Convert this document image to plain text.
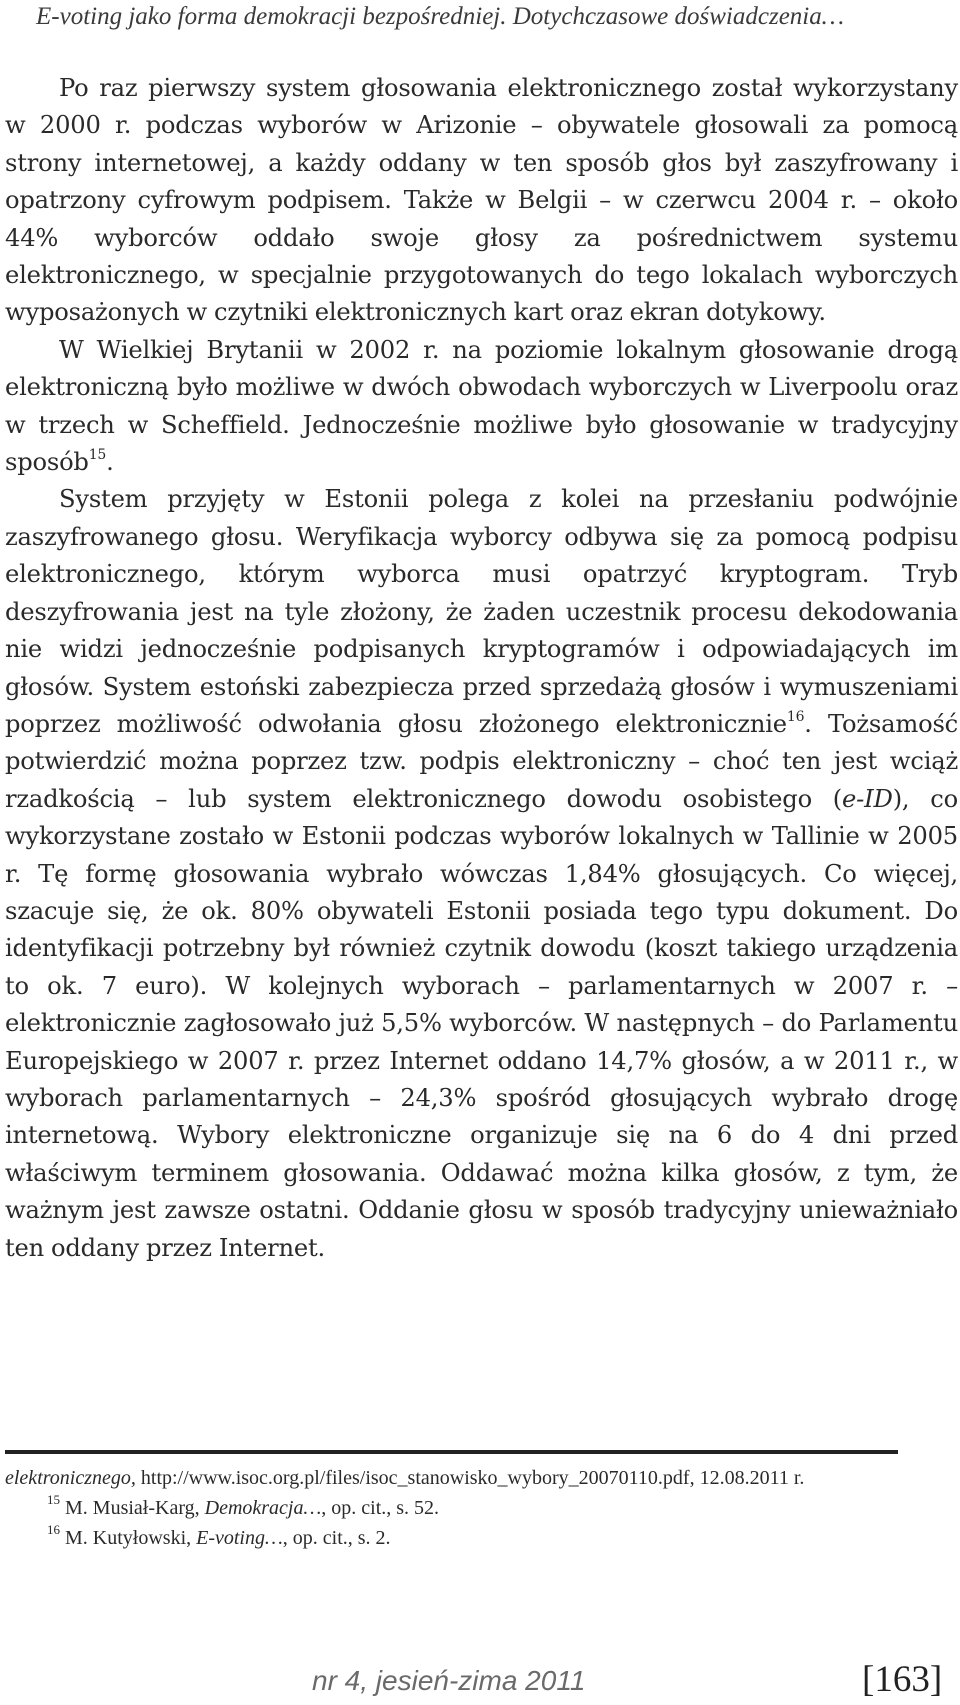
E-voting jako forma demokracji bezpośredniej. Dotychczasowe doświadczenia…

Po raz pierwszy system głosowania elektronicznego został wykorzystany w 2000 r. podczas wyborów w Arizonie – obywatele głosowali za pomocą strony internetowej, a każdy oddany w ten sposób głos był zaszyfrowany i opatrzony cyfrowym podpisem. Także w Belgii – w czerwcu 2004 r. – około 44% wyborców oddało swoje głosy za pośrednictwem systemu elektronicznego, w specjalnie przygotowanych do tego lokalach wyborczych wyposażonych w czytniki elektronicznych kart oraz ekran dotykowy.

W Wielkiej Brytanii w 2002 r. na poziomie lokalnym głosowanie drogą elektroniczną było możliwe w dwóch obwodach wyborczych w Liverpoolu oraz w trzech w Scheffield. Jednocześnie możliwe było głosowanie w tradycyjny sposób$^{15}$.

System przyjęty w Estonii polega z kolei na przesłaniu podwójnie zaszyfrowanego głosu. Weryfikacja wyborcy odbywa się za pomocą podpisu elektronicznego, którym wyborca musi opatrzyć kryptogram. Tryb deszyfrowania jest na tyle złożony, że żaden uczestnik procesu dekodowania nie widzi jednocześnie podpisanych kryptogramów i odpowiadających im głosów. System estoński zabezpiecza przed sprzedażą głosów i wymuszeniami poprzez możliwość odwołania głosu złożonego elektronicznie$^{16}$. Tożsamość potwierdzić można poprzez tzw. podpis elektroniczny – choć ten jest wciąż rzadkością – lub system elektronicznego dowodu osobistego (e-ID), co wykorzystane zostało w Estonii podczas wyborów lokalnych w Tallinie w 2005 r. Tę formę głosowania wybrało wówczas 1,84% głosujących. Co więcej, szacuje się, że ok. 80% obywateli Estonii posiada tego typu dokument. Do identyfikacji potrzebny był również czytnik dowodu (koszt takiego urządzenia to ok. 7 euro). W kolejnych wyborach – parlamentarnych w 2007 r. – elektronicznie zagłosowało już 5,5% wyborców. W następnych – do Parlamentu Europejskiego w 2007 r. przez Internet oddano 14,7% głosów, a w 2011 r., w wyborach parlamentarnych – 24,3% spośród głosujących wybrało drogę internetową. Wybory elektroniczne organizuje się na 6 do 4 dni przed właściwym terminem głosowania. Oddawać można kilka głosów, z tym, że ważnym jest zawsze ostatni. Oddanie głosu w sposób tradycyjny unieważniało ten oddany przez Internet.

elektronicznego, http://www.isoc.org.pl/files/isoc_stanowisko_wybory_20070110.pdf, 12.08.2011 r.
$^{15}$ M. Musiał-Karg, Demokracja…, op. cit., s. 52.
$^{16}$ M. Kutyłowski, E-voting…, op. cit., s. 2.
nr 4, jesień-zima 2011	[163]
